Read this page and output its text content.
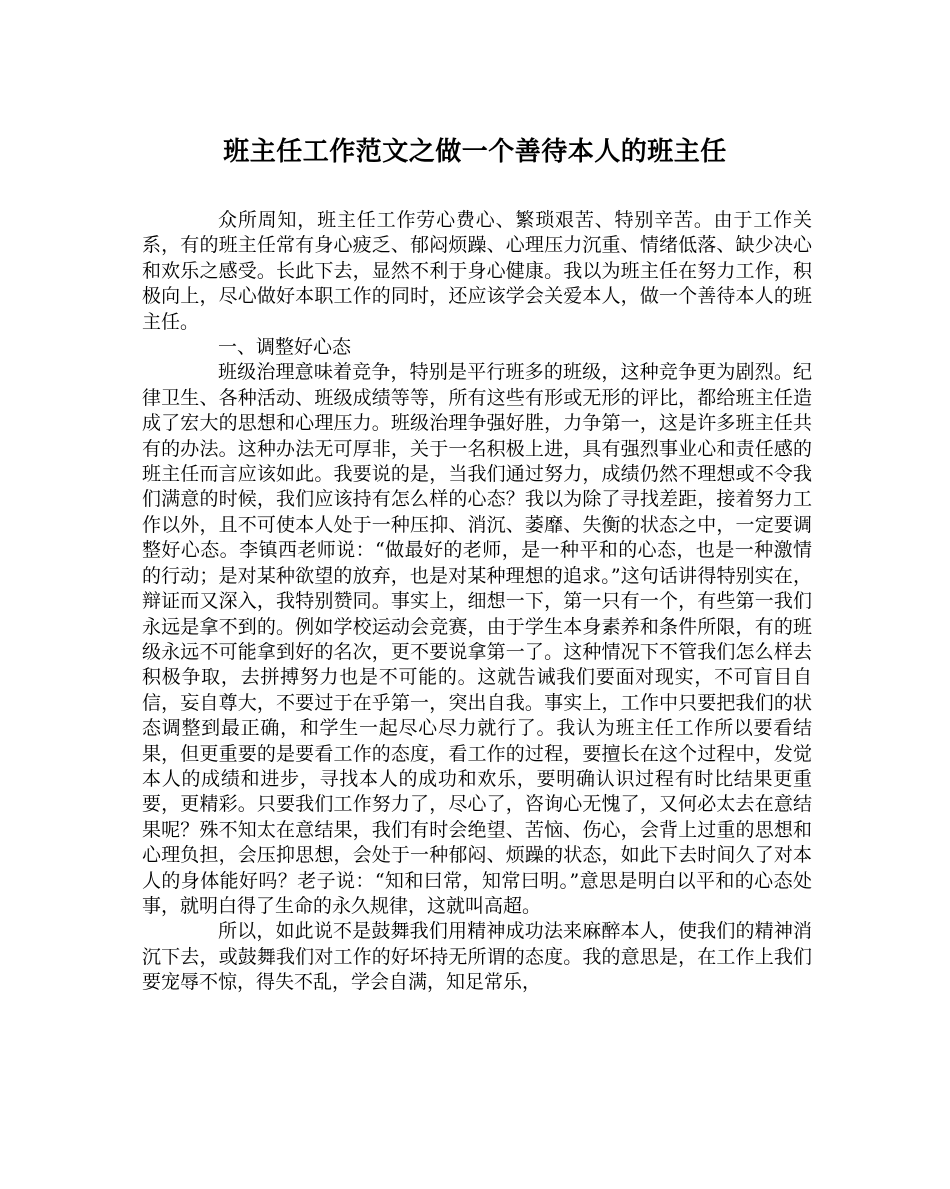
班主任工作范文之做一个善待本人的班主任

众所周知，班主任工作劳心费心、繁琐艰苦、特别辛苦。由于工作关系，有的班主任常有身心疲乏、郁闷烦躁、心理压力沉重、情绪低落、缺少决心和欢乐之感受。长此下去，显然不利于身心健康。我以为班主任在努力工作，积极向上，尽心做好本职工作的同时，还应该学会关爱本人，做一个善待本人的班主任。

一、调整好心态

班级治理意味着竞争，特别是平行班多的班级，这种竞争更为剧烈。纪律卫生、各种活动、班级成绩等等，所有这些有形或无形的评比，都给班主任造成了宏大的思想和心理压力。班级治理争强好胜，力争第一，这是许多班主任共有的办法。这种办法无可厚非，关于一名积极上进，具有强烈事业心和责任感的班主任而言应该如此。我要说的是，当我们通过努力，成绩仍然不理想或不令我们满意的时候，我们应该持有怎么样的心态？我以为除了寻找差距，接着努力工作以外，且不可使本人处于一种压抑、消沉、萎靡、失衡的状态之中，一定要调整好心态。李镇西老师说：“做最好的老师，是一种平和的心态，也是一种激情的行动；是对某种欲望的放弃，也是对某种理想的追求。”这句话讲得特别实在，辩证而又深入，我特别赞同。事实上，细想一下，第一只有一个，有些第一我们永远是拿不到的。例如学校运动会竞赛，由于学生本身素养和条件所限，有的班级永远不可能拿到好的名次，更不要说拿第一了。这种情况下不管我们怎么样去积极争取，去拼搏努力也是不可能的。这就告诫我们要面对现实，不可盲目自信，妄自尊大，不要过于在乎第一，突出自我。事实上，工作中只要把我们的状态调整到最正确，和学生一起尽心尽力就行了。我认为班主任工作所以要看结果，但更重要的是要看工作的态度，看工作的过程，要擅长在这个过程中，发觉本人的成绩和进步，寻找本人的成功和欢乐，要明确认识过程有时比结果更重要，更精彩。只要我们工作努力了，尽心了，咨询心无愧了，又何必太去在意结果呢？殊不知太在意结果，我们有时会绝望、苦恼、伤心，会背上过重的思想和心理负担，会压抑思想，会处于一种郁闷、烦躁的状态，如此下去时间久了对本人的身体能好吗？老子说：“知和曰常，知常曰明。”意思是明白以平和的心态处事，就明白得了生命的永久规律，这就叫高超。

所以，如此说不是鼓舞我们用精神成功法来麻醉本人，使我们的精神消沉下去，或鼓舞我们对工作的好坏持无所谓的态度。我的意思是，在工作上我们要宠辱不惊，得失不乱，学会自满，知足常乐，
